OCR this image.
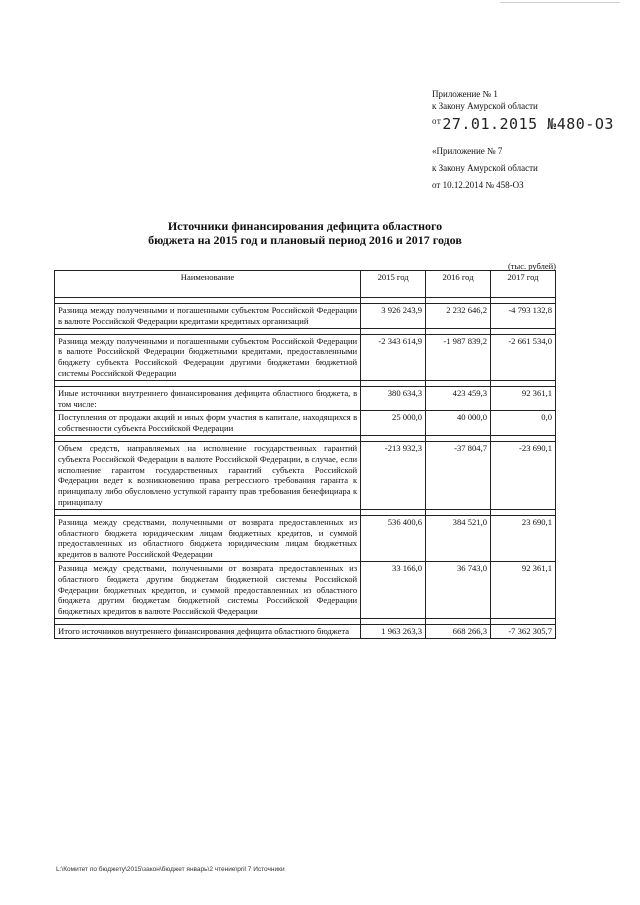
Приложение № 1
к Закону Амурской области
$^{от}$27.01.2015 №480-ОЗ
«Приложение № 7
к Закону Амурской области
от 10.12.2014 № 458-ОЗ
Источники финансирования дефицита областного
бюджета на 2015 год и плановый период 2016 и 2017 годов
(тыс. рублей)
Наименование	2015 год	2016 год	2017 год

Разница между полученными и погашенными субъектом Российской Федерации в валюте Российской Федерации кредитами кредитных организаций	3 926 243,9	2 232 646,2	-4 793 132,8

Разница между полученными и погашенными субъектом Российской Федерации в валюте Российской Федерации бюджетными кредитами, предоставленными бюджету субъекта Российской Федерации другими бюджетами бюджетной системы Российской Федерации	-2 343 614,9	-1 987 839,2	-2 661 534,0

Иные источники внутреннего финансирования дефицита областного бюджета, в том числе:	380 634,3	423 459,3	92 361,1
Поступления от продажи акций и иных форм участия в капитале, находящихся в собственности субъекта Российской Федерации	25 000,0	40 000,0	0,0

Объем средств, направляемых на исполнение государственных гарантий субъекта Российской Федерации в валюте Российской Федерации, в случае, если исполнение гарантом государственных гарантий субъекта Российской Федерации ведет к возникновению права регрессного требования гаранта к принципалу либо обусловлено уступкой гаранту прав требования бенефициара к принципалу	-213 932,3	-37 804,7	-23 690,1

Разница между средствами, полученными от возврата предоставленных из областного бюджета юридическим лицам бюджетных кредитов, и суммой предоставленных из областного бюджета юридическим лицам бюджетных кредитов в валюте Российской Федерации	536 400,6	384 521,0	23 690,1
Разница между средствами, полученными от возврата предоставленных из областного бюджета другим бюджетам бюджетной системы Российской Федерации бюджетных кредитов, и суммой предоставленных из областного бюджета другим бюджетам бюджетной системы Российской Федерации бюджетных кредитов в валюте Российской Федерации	33 166,0	36 743,0	92 361,1

Итого источников внутреннего финансирования дефицита областного бюджета	1 963 263,3	668 266,3	-7 362 305,7
L:\Комитет по бюджету\2015\закон\бюджет январь\2 чтение\pril 7 Источники
